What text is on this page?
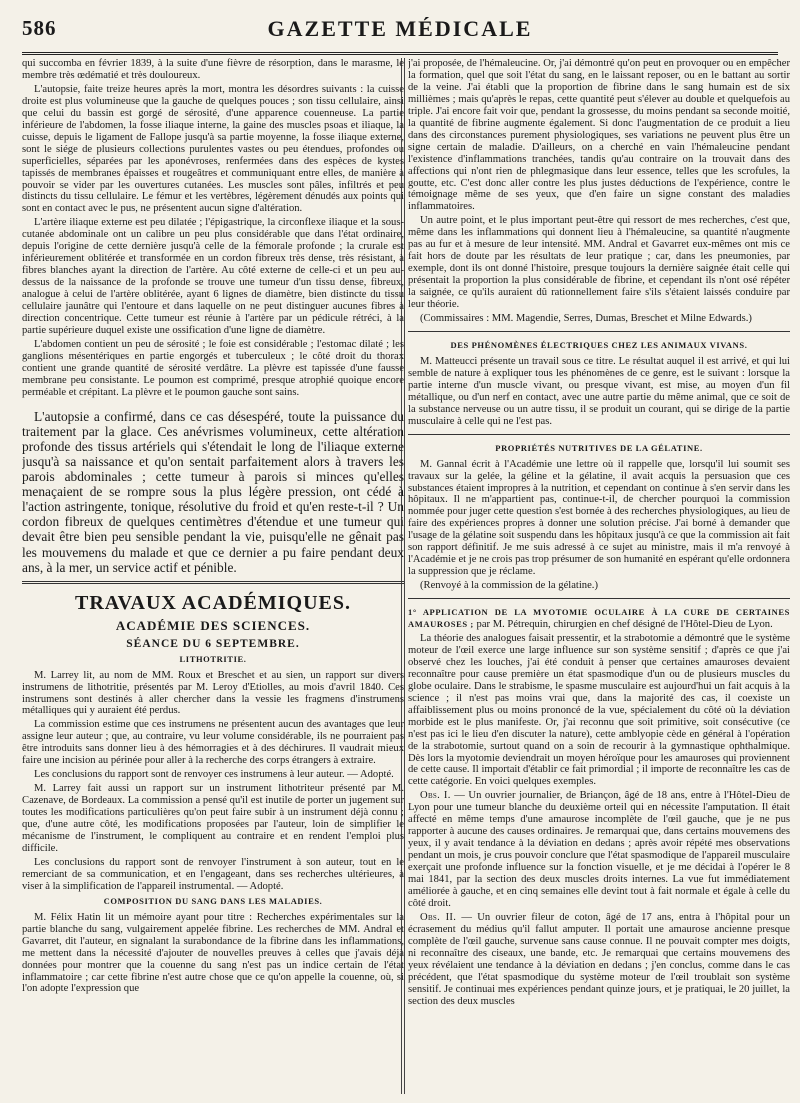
586	GAZETTE MÉDICALE

qui succomba en février 1839, à la suite d'une fièvre de résorption, dans le marasme, le membre très œdématié et très douloureux.

L'autopsie, faite treize heures après la mort, montra les désordres suivants : la cuisse droite est plus volumineuse que la gauche de quelques pouces ; son tissu cellulaire, ainsi que celui du bassin est gorgé de sérosité, d'une apparence couenneuse. La partie inférieure de l'abdomen, la fosse iliaque interne, la gaine des muscles psoas et iliaque, la cuisse, depuis le ligament de Fallope jusqu'à sa partie moyenne, la fosse iliaque externe, sont le siége de plusieurs collections purulentes vastes ou peu étendues, profondes ou superficielles, séparées par les aponévroses, renfermées dans des espèces de kystes tapissés de membranes épaisses et rougeâtres et communiquant entre elles, de manière à pouvoir se vider par les ouvertures cutanées. Les muscles sont pâles, infiltrés et peu distincts du tissu cellulaire. Le fémur et les vertèbres, légèrement dénudés aux points qui sont en contact avec le pus, ne présentent aucun signe d'altération.

L'artère iliaque externe est peu dilatée ; l'épigastrique, la circonflexe iliaque et la sous-cutanée abdominale ont un calibre un peu plus considérable que dans l'état ordinaire, depuis l'origine de cette dernière jusqu'à celle de la fémorale profonde ; la crurale est inférieurement oblitérée et transformée en un cordon fibreux très dense, très résistant, à fibres blanches ayant la direction de l'artère. Au côté externe de celle-ci et un peu au-dessus de la naissance de la profonde se trouve une tumeur d'un tissu dense, fibreux, analogue à celui de l'artère oblitérée, ayant 6 lignes de diamètre, bien distincte du tissu cellulaire jaunâtre qui l'entoure et dans laquelle on ne peut distinguer aucunes fibres à direction concentrique. Cette tumeur est réunie à l'artère par un pédicule rétréci, à la partie supérieure duquel existe une ossification d'une ligne de diamètre.

L'abdomen contient un peu de sérosité ; le foie est considérable ; l'estomac dilaté ; les ganglions mésentériques en partie engorgés et tuberculeux ; le côté droit du thorax contient une grande quantité de sérosité verdâtre. La plèvre est tapissée d'une fausse membrane peu consistante. Le poumon est comprimé, presque atrophié quoique encore perméable et crépitant. La plèvre et le poumon gauche sont sains.

L'autopsie a confirmé, dans ce cas désespéré, toute la puissance du traitement par la glace. Ces anévrismes volumineux, cette altération profonde des tissus artériels qui s'étendait le long de l'iliaque externe jusqu'à sa naissance et qu'on sentait parfaitement alors à travers les parois abdominales ; cette tumeur à parois si minces qu'elles menaçaient de se rompre sous la plus légère pression, ont cédé à l'action astringente, tonique, résolutive du froid et qu'en reste-t-il ? Un cordon fibreux de quelques centimètres d'étendue et une tumeur qui devait être bien peu sensible pendant la vie, puisqu'elle ne gênait pas les mouvemens du malade et que ce dernier a pu faire pendant deux ans, à la mer, un service actif et pénible.

TRAVAUX ACADÉMIQUES.
ACADÉMIE DES SCIENCES.
SÉANCE DU 6 SEPTEMBRE.
LITHOTRITIE.

M. Larrey lit, au nom de MM. Roux et Breschet et au sien, un rapport sur divers instrumens de lithotritie, présentés par M. Leroy d'Etiolles, au mois d'avril 1840. Ces instrumens sont destinés à aller chercher dans la vessie les fragmens d'instrumens métalliques qui y auraient été perdus.

La commission estime que ces instrumens ne présentent aucun des avantages que leur assigne leur auteur ; que, au contraire, vu leur volume considérable, ils ne pourraient pas être introduits sans donner lieu à des hémorragies et à des déchirures. Il vaudrait mieux faire une incision au périnée pour aller à la recherche des corps étrangers à extraire.

Les conclusions du rapport sont de renvoyer ces instrumens à leur auteur. — Adopté.

M. Larrey fait aussi un rapport sur un instrument lithotriteur présenté par M. Cazenave, de Bordeaux. La commission a pensé qu'il est inutile de porter un jugement sur toutes les modifications particulières qu'on peut faire subir à un instrument déjà connu ; que, d'une autre côté, les modifications proposées par l'auteur, loin de simplifier le mécanisme de l'instrument, le compliquent au contraire et en rendent l'emploi plus difficile.

Les conclusions du rapport sont de renvoyer l'instrument à son auteur, tout en le remerciant de sa communication, et en l'engageant, dans ses recherches ultérieures, à viser à la simplification de l'appareil instrumental. — Adopté.

COMPOSITION DU SANG DANS LES MALADIES.

M. Félix Hatin lit un mémoire ayant pour titre : Recherches expérimentales sur la partie blanche du sang, vulgairement appelée fibrine. Les recherches de MM. Andral et Gavarret, dit l'auteur, en signalant la surabondance de la fibrine dans les inflammations, me mettent dans la nécessité d'ajouter de nouvelles preuves à celles que j'avais déjà données pour montrer que la couenne du sang n'est pas un indice certain de l'état inflammatoire ; car cette fibrine n'est autre chose que ce qu'on appelle la couenne, où, si l'on adopte l'expression que

j'ai proposée, de l'hémaleucine. Or, j'ai démontré qu'on peut en provoquer ou en empêcher la formation, quel que soit l'état du sang, en le laissant reposer, ou en le battant au sortir de la veine. J'ai établi que la proportion de fibrine dans le sang humain est de six millièmes ; mais qu'après le repas, cette quantité peut s'élever au double et quelquefois au triple. J'ai encore fait voir que, pendant la grossesse, du moins pendant sa seconde moitié, la quantité de fibrine augmente également. Si donc l'augmentation de ce produit a lieu dans des circonstances purement physiologiques, ses variations ne peuvent plus être un signe certain de maladie. D'ailleurs, on a cherché en vain l'hémaleucine pendant l'existence d'inflammations tranchées, tandis qu'au contraire on la trouvait dans des affections qui n'ont rien de phlegmasique dans leur essence, telles que les scrofules, la goutte, etc. C'est donc aller contre les plus justes déductions de l'expérience, contre le témoignage même de ses yeux, que d'en faire un signe constant des maladies inflammatoires.

Un autre point, et le plus important peut-être qui ressort de mes recherches, c'est que, même dans les inflammations qui donnent lieu à l'hémaleucine, sa quantité n'augmente pas au fur et à mesure de leur intensité. MM. Andral et Gavarret eux-mêmes ont mis ce fait hors de doute par les résultats de leur pratique ; car, dans les pneumonies, par exemple, dont ils ont donné l'histoire, presque toujours la dernière saignée était celle qui présentait la proportion la plus considérable de fibrine, et cependant ils n'ont osé répéter la saignée, ce qu'ils auraient dû rationnellement faire s'ils s'étaient laissés conduire par leur théorie.

(Commissaires : MM. Magendie, Serres, Dumas, Breschet et Milne Edwards.)

DES PHÉNOMÈNES ÉLECTRIQUES CHEZ LES ANIMAUX VIVANS.

M. Matteucci présente un travail sous ce titre. Le résultat auquel il est arrivé, et qui lui semble de nature à expliquer tous les phénomènes de ce genre, est le suivant : lorsque la partie interne d'un muscle vivant, ou presque vivant, est mise, au moyen d'un fil métallique, ou d'un nerf en contact, avec une autre partie du même animal, que ce soit de la substance nerveuse ou un autre tissu, il se produit un courant, qui se dirige de la partie musculaire à celle qui ne l'est pas.

PROPRIÉTÉS NUTRITIVES DE LA GÉLATINE.

M. Gannal écrit à l'Académie une lettre où il rappelle que, lorsqu'il lui soumit ses travaux sur la gelée, la géline et la gélatine, il avait acquis la persuasion que ces substances étaient impropres à la nutrition, et cependant on continue à s'en servir dans les hôpitaux. Il ne m'appartient pas, continue-t-il, de chercher pourquoi la commission nommée pour juger cette question s'est bornée à des recherches physiologiques, au lieu de faire des expériences propres à donner une solution précise. J'ai borné à demander que l'usage de la gélatine soit suspendu dans les hôpitaux jusqu'à ce que la commission ait fait son rapport définitif. Je me suis adressé à ce sujet au ministre, mais il m'a renvoyé à l'Académie et je ne crois pas trop présumer de son humanité en espérant qu'elle ordonnera la suppression que je réclame.

(Renvoyé à la commission de la gélatine.)

1° APPLICATION DE LA MYOTOMIE OCULAIRE À LA CURE DE CERTAINES AMAUROSES ; par M. Pétrequin, chirurgien en chef désigné de l'Hôtel-Dieu de Lyon.

La théorie des analogues faisait pressentir, et la strabotomie a démontré que le système moteur de l'œil exerce une large influence sur son système sensitif ; d'après ce que j'ai observé chez les louches, j'ai été conduit à penser que certaines amauroses devaient reconnaître pour cause première un état spasmodique d'un ou de plusieurs muscles du globe oculaire. Dans le strabisme, le spasme musculaire est aujourd'hui un fait acquis à la science ; il n'est pas moins vrai que, dans la majorité des cas, il coexiste un affaiblissement plus ou moins prononcé de la vue, spécialement du côté où la déviation morbide est le plus manifeste. Or, j'ai reconnu que soit primitive, soit consécutive (ce n'est pas ici le lieu d'en discuter la nature), cette amblyopie cède en général à l'opération de la strabotomie, surtout quand on a soin de recourir à la gymnastique ophthalmique. Dès lors la myotomie deviendrait un moyen héroïque pour les amauroses qui proviennent de cette cause. Il importait d'établir ce fait primordial ; il importe de reconnaître les cas de cette catégorie. En voici quelques exemples.

Obs. I. — Un ouvrier journalier, de Briançon, âgé de 18 ans, entre à l'Hôtel-Dieu de Lyon pour une tumeur blanche du deuxième orteil qui en nécessite l'amputation. Il était affecté en même temps d'une amaurose incomplète de l'œil gauche, que je ne pus rapporter à aucune des causes ordinaires. Je remarquai que, dans certains mouvemens des yeux, il y avait tendance à la déviation en dedans ; après avoir répété mes observations pendant un mois, je crus pouvoir conclure que l'état spasmodique de l'appareil musculaire exerçait une profonde influence sur la fonction visuelle, et je me décidai à l'opérer le 8 mai 1841, par la section des deux muscles droits internes. La vue fut immédiatement améliorée à gauche, et en cinq semaines elle devint tout à fait normale et égale à celle du côté droit.

Obs. II. — Un ouvrier fileur de coton, âgé de 17 ans, entra à l'hôpital pour un écrasement du médius qu'il fallut amputer. Il portait une amaurose ancienne presque complète de l'œil gauche, survenue sans cause connue. Il ne pouvait compter mes doigts, ni reconnaître des ciseaux, une bande, etc. Je remarquai que certains mouvemens des yeux révélaient une tendance à la déviation en dedans ; j'en conclus, comme dans le cas précédent, que l'état spasmodique du système moteur de l'œil troublait son système sensitif. Je continuai mes expériences pendant quinze jours, et je pratiquai, le 20 juillet, la section des deux muscles
